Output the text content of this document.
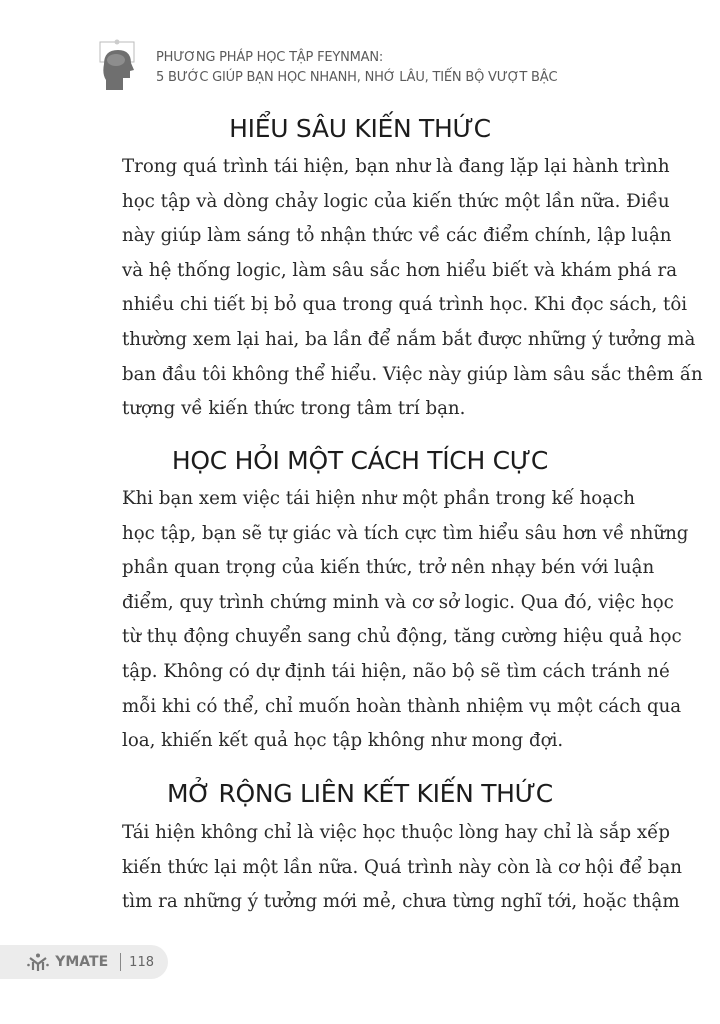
PHƯƠNG PHÁP HỌC TẬP FEYNMAN:
5 BƯỚC GIÚP BẠN HỌC NHANH, NHỚ LÂU, TIẾN BỘ VƯỢT BẬC
HIỂU SÂU KIẾN THỨC
Trong quá trình tái hiện, bạn như là đang lặp lại hành trình
học tập và dòng chảy logic của kiến thức một lần nữa. Điều
này giúp làm sáng tỏ nhận thức về các điểm chính, lập luận
và hệ thống logic, làm sâu sắc hơn hiểu biết và khám phá ra
nhiều chi tiết bị bỏ qua trong quá trình học. Khi đọc sách, tôi
thường xem lại hai, ba lần để nắm bắt được những ý tưởng mà
ban đầu tôi không thể hiểu. Việc này giúp làm sâu sắc thêm ấn
tượng về kiến thức trong tâm trí bạn.
HỌC HỎI MỘT CÁCH TÍCH CỰC
Khi bạn xem việc tái hiện như một phần trong kế hoạch
học tập, bạn sẽ tự giác và tích cực tìm hiểu sâu hơn về những
phần quan trọng của kiến thức, trở nên nhạy bén với luận
điểm, quy trình chứng minh và cơ sở logic. Qua đó, việc học
từ thụ động chuyển sang chủ động, tăng cường hiệu quả học
tập. Không có dự định tái hiện, não bộ sẽ tìm cách tránh né
mỗi khi có thể, chỉ muốn hoàn thành nhiệm vụ một cách qua
loa, khiến kết quả học tập không như mong đợi.
MỞ RỘNG LIÊN KẾT KIẾN THỨC
Tái hiện không chỉ là việc học thuộc lòng hay chỉ là sắp xếp
kiến thức lại một lần nữa. Quá trình này còn là cơ hội để bạn
tìm ra những ý tưởng mới mẻ, chưa từng nghĩ tới, hoặc thậm
YMATE 118
